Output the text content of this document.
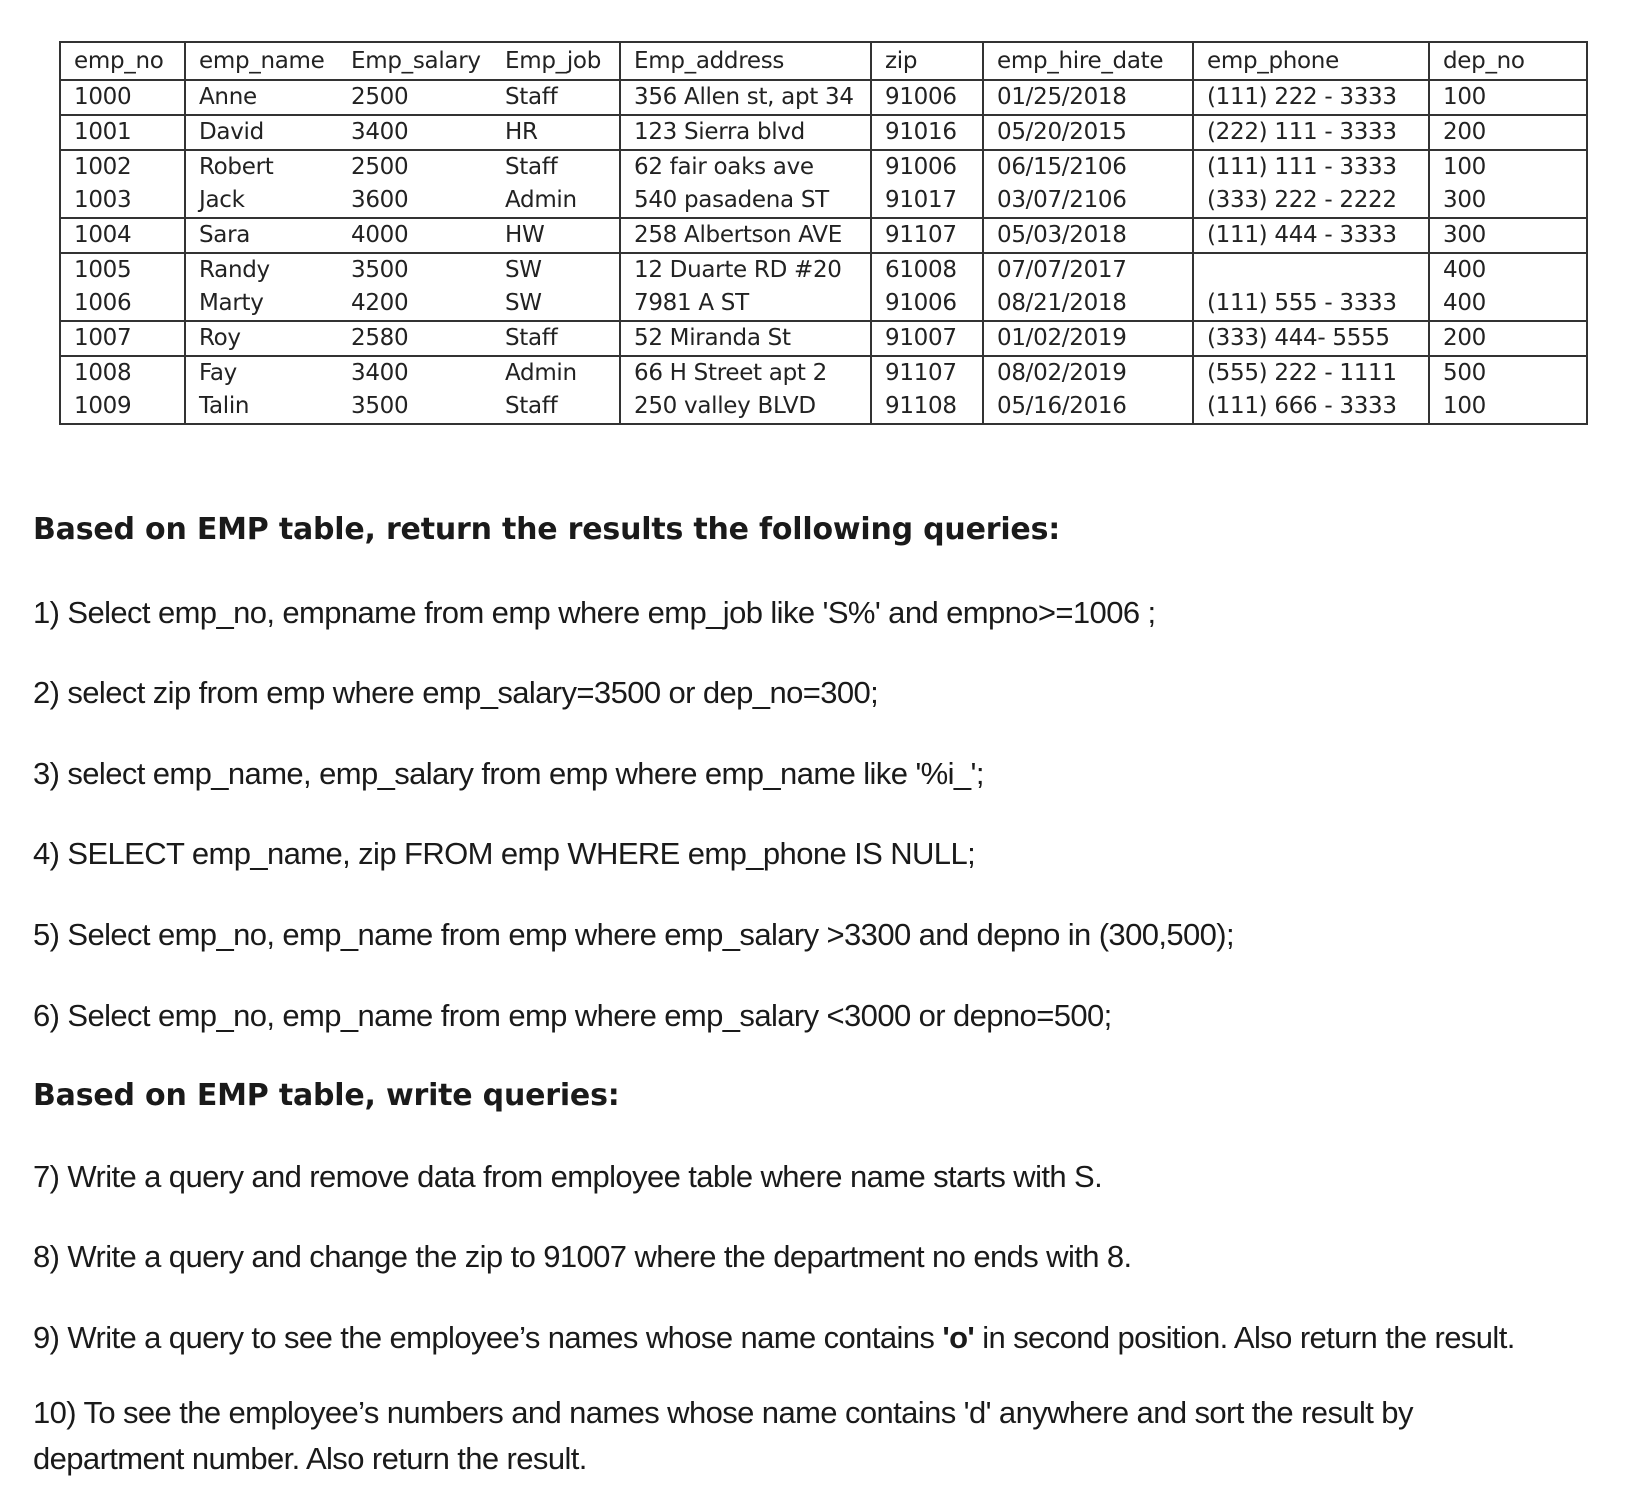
emp_no	emp_name	Emp_salary	Emp_job	Emp_address	zip	emp_hire_date	emp_phone	dep_no
1000	Anne	2500	Staff	356 Allen st, apt 34	91006	01/25/2018	(111) 222 - 3333	100
1001	David	3400	HR	123 Sierra blvd	91016	05/20/2015	(222) 111 - 3333	200
1002	Robert	2500	Staff	62 fair oaks ave	91006	06/15/2106	(111) 111 - 3333	100
1003	Jack	3600	Admin	540 pasadena ST	91017	03/07/2106	(333) 222 - 2222	300
1004	Sara	4000	HW	258 Albertson AVE	91107	05/03/2018	(111) 444 - 3333	300
1005	Randy	3500	SW	12 Duarte RD #20	61008	07/07/2017		400
1006	Marty	4200	SW	7981 A ST	91006	08/21/2018	(111) 555 - 3333	400
1007	Roy	2580	Staff	52 Miranda St	91007	01/02/2019	(333) 444- 5555	200
1008	Fay	3400	Admin	66 H Street apt 2	91107	08/02/2019	(555) 222 - 1111	500
1009	Talin	3500	Staff	250 valley BLVD	91108	05/16/2016	(111) 666 - 3333	100
Based on EMP table, return the results the following queries:
1) Select emp_no, empname from emp where emp_job like 'S%' and empno>=1006 ;
2) select zip from emp where emp_salary=3500 or dep_no=300;
3) select emp_name, emp_salary from emp where emp_name like '%i_';
4) SELECT emp_name, zip FROM emp WHERE emp_phone IS NULL;
5) Select emp_no, emp_name from emp where emp_salary >3300 and depno in (300,500);
6) Select emp_no, emp_name from emp where emp_salary <3000 or depno=500;
Based on EMP table, write queries:
7) Write a query and remove data from employee table where name starts with S.
8) Write a query and change the zip to 91007 where the department no ends with 8.
9) Write a query to see the employee’s names whose name contains 'o' in second position. Also return the result.
10) To see the employee’s numbers and names whose name contains 'd' anywhere and sort the result by department number. Also return the result.
